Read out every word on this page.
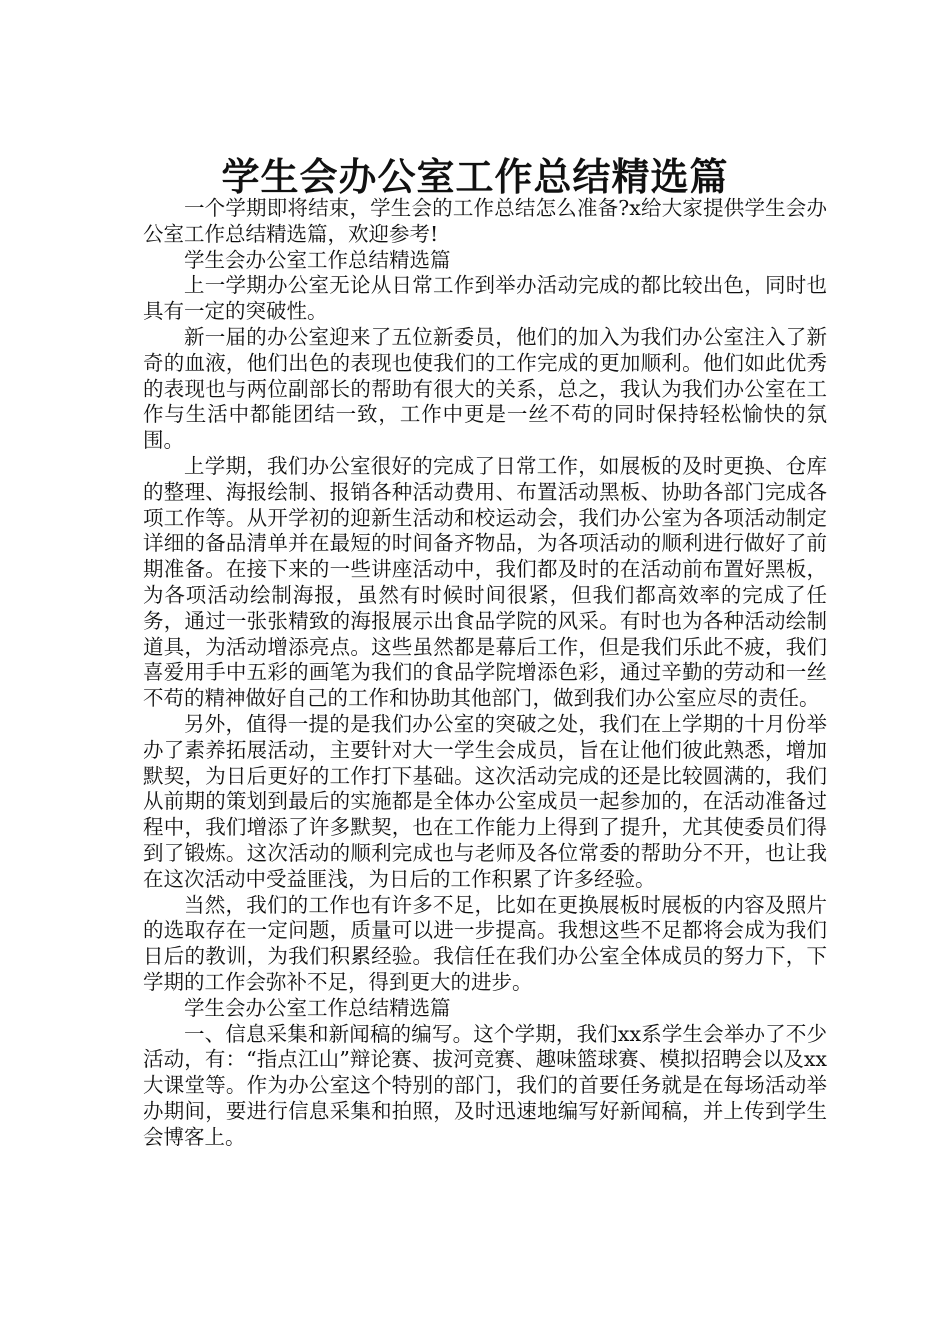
学生会办公室工作总结精选篇

一个学期即将结束，学生会的工作总结怎么准备?x给大家提供学生会办公室工作总结精选篇，欢迎参考!

学生会办公室工作总结精选篇

上一学期办公室无论从日常工作到举办活动完成的都比较出色，同时也具有一定的突破性。

新一届的办公室迎来了五位新委员，他们的加入为我们办公室注入了新奇的血液，他们出色的表现也使我们的工作完成的更加顺利。他们如此优秀的表现也与两位副部长的帮助有很大的关系，总之，我认为我们办公室在工作与生活中都能团结一致，工作中更是一丝不苟的同时保持轻松愉快的氛围。

上学期，我们办公室很好的完成了日常工作，如展板的及时更换、仓库的整理、海报绘制、报销各种活动费用、布置活动黑板、协助各部门完成各项工作等。从开学初的迎新生活动和校运动会，我们办公室为各项活动制定详细的备品清单并在最短的时间备齐物品，为各项活动的顺利进行做好了前期准备。在接下来的一些讲座活动中，我们都及时的在活动前布置好黑板，为各项活动绘制海报，虽然有时候时间很紧，但我们都高效率的完成了任务，通过一张张精致的海报展示出食品学院的风采。有时也为各种活动绘制道具，为活动增添亮点。这些虽然都是幕后工作，但是我们乐此不疲，我们喜爱用手中五彩的画笔为我们的食品学院增添色彩，通过辛勤的劳动和一丝不苟的精神做好自己的工作和协助其他部门，做到我们办公室应尽的责任。

另外，值得一提的是我们办公室的突破之处，我们在上学期的十月份举办了素养拓展活动，主要针对大一学生会成员，旨在让他们彼此熟悉，增加默契，为日后更好的工作打下基础。这次活动完成的还是比较圆满的，我们从前期的策划到最后的实施都是全体办公室成员一起参加的，在活动准备过程中，我们增添了许多默契，也在工作能力上得到了提升，尤其使委员们得到了锻炼。这次活动的顺利完成也与老师及各位常委的帮助分不开，也让我在这次活动中受益匪浅，为日后的工作积累了许多经验。

当然，我们的工作也有许多不足，比如在更换展板时展板的内容及照片的选取存在一定问题，质量可以进一步提高。我想这些不足都将会成为我们日后的教训，为我们积累经验。我信任在我们办公室全体成员的努力下，下学期的工作会弥补不足，得到更大的进步。

学生会办公室工作总结精选篇

一、信息采集和新闻稿的编写。这个学期，我们xx系学生会举办了不少活动，有：“指点江山”辩论赛、拔河竞赛、趣味篮球赛、模拟招聘会以及xx大课堂等。作为办公室这个特别的部门，我们的首要任务就是在每场活动举办期间，要进行信息采集和拍照，及时迅速地编写好新闻稿，并上传到学生会博客上。
